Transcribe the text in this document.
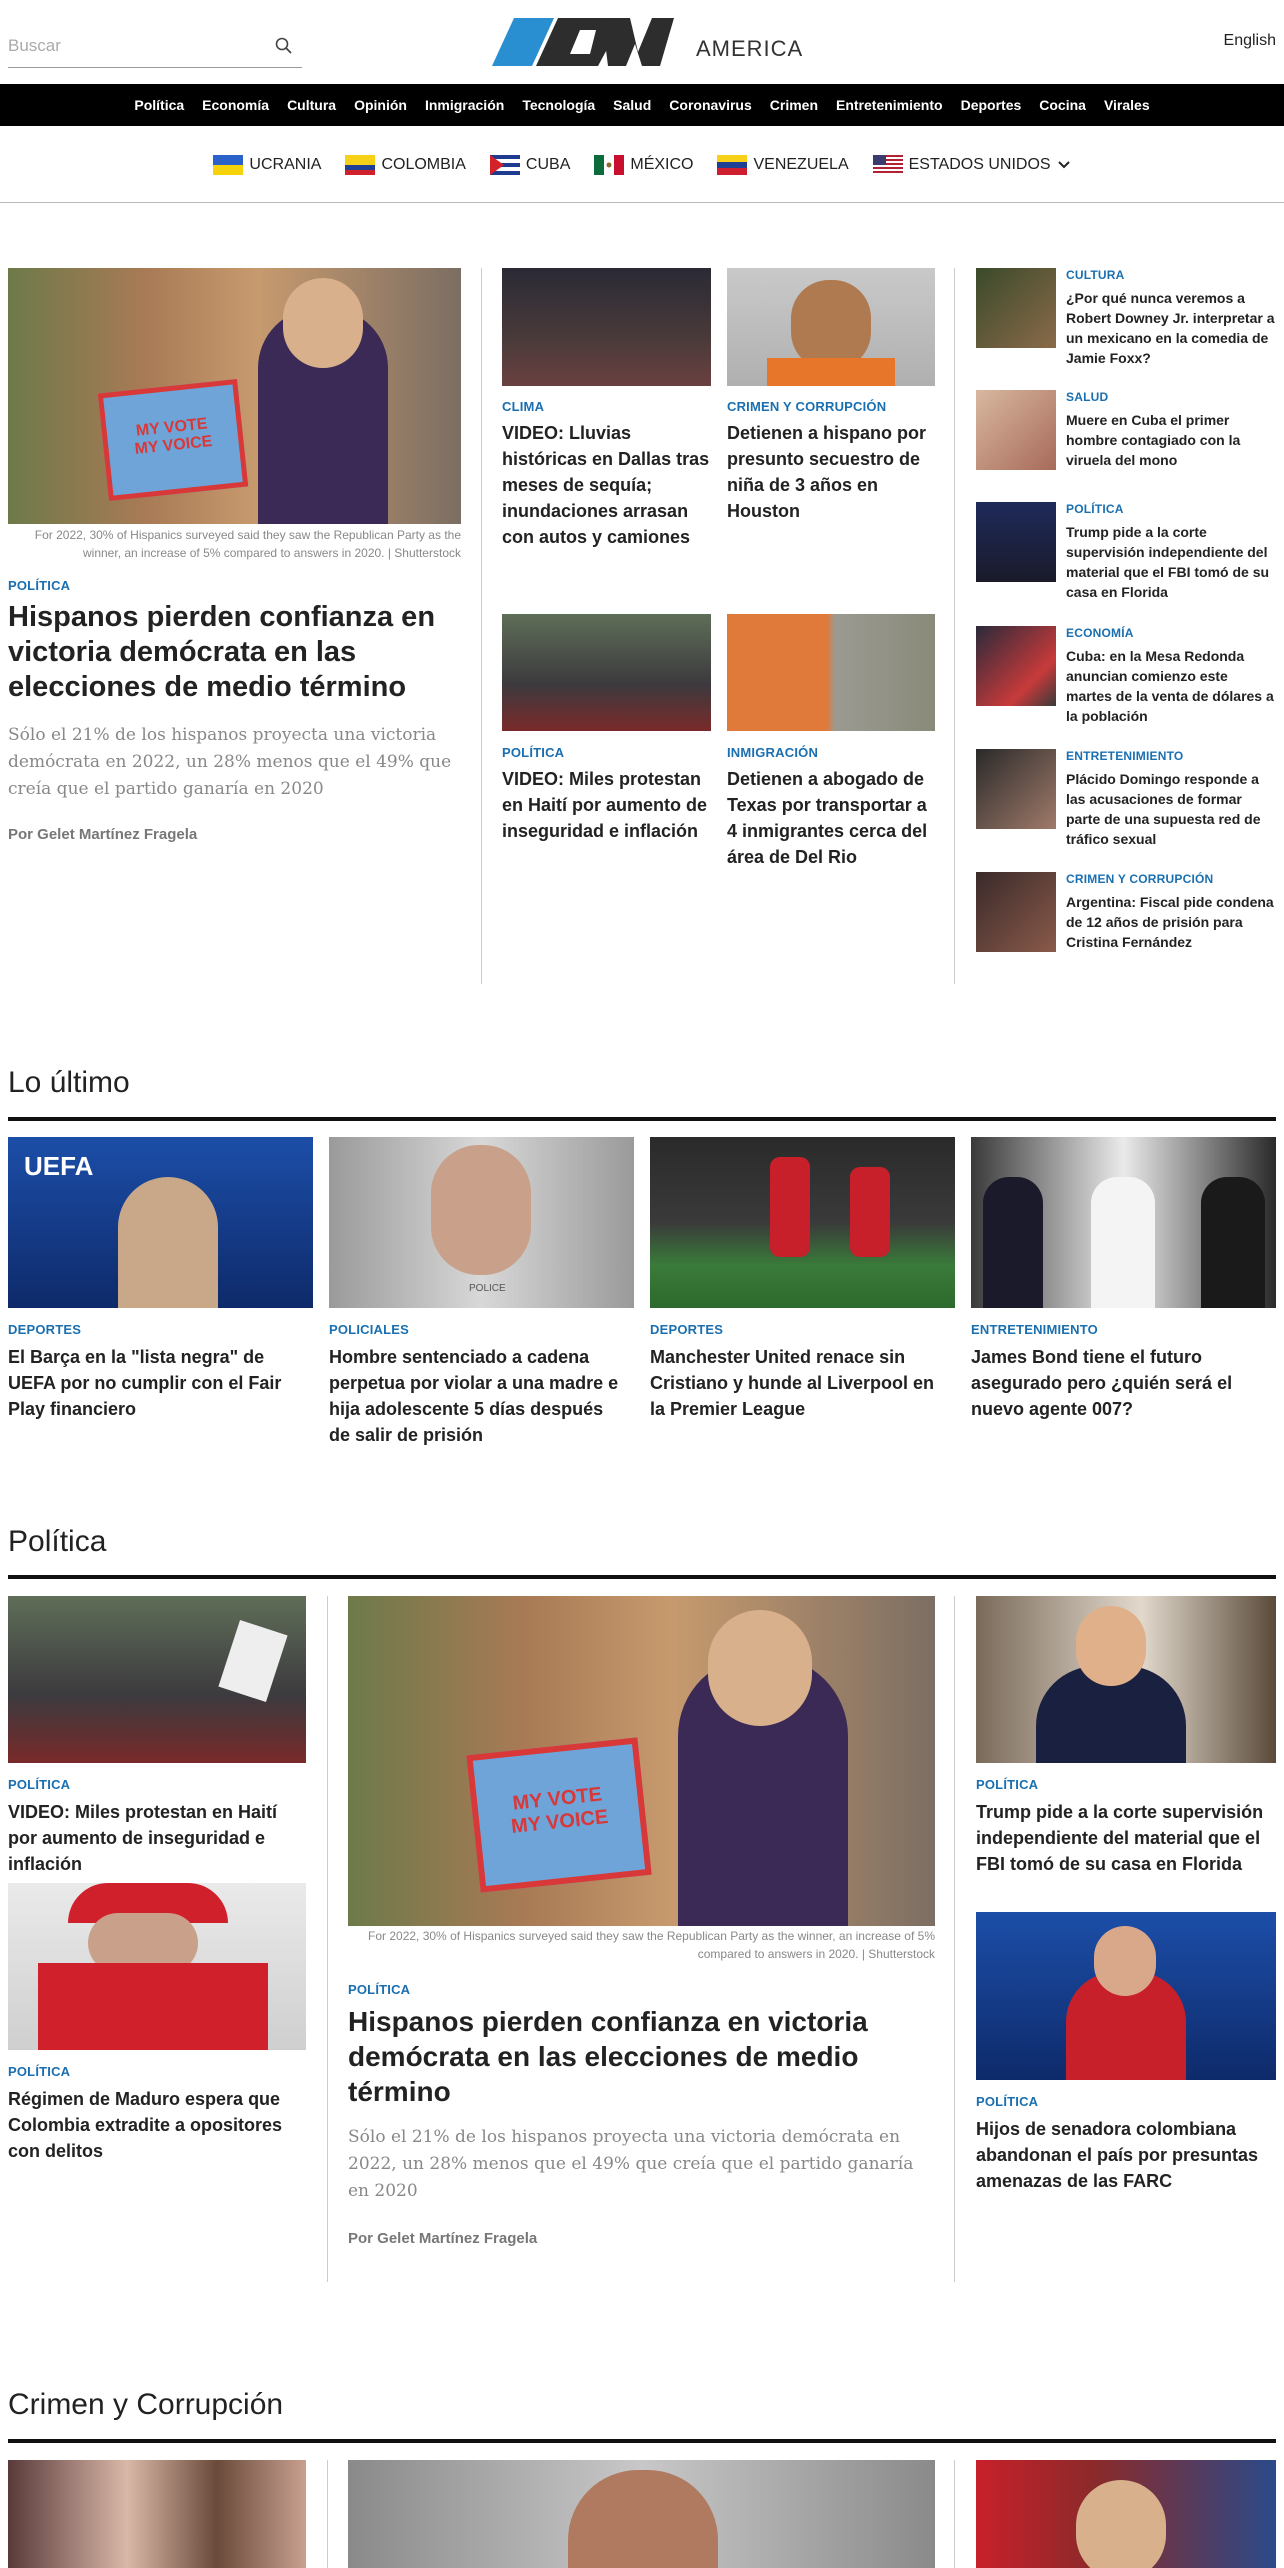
Buscar
AMERICA	English
Política	Economía	Cultura	Opinión	Inmigración	Tecnología	Salud	Coronavirus	Crimen	Entretenimiento	Deportes	Cocina	Virales
UCRANIA	COLOMBIA	CUBA	MÉXICO	VENEZUELA	ESTADOS UNIDOS
MY VOTE
MY VOICE
For 2022, 30% of Hispanics surveyed said they saw the Republican Party as the winner, an increase of 5% compared to answers in 2020. | Shutterstock
POLÍTICA
Hispanos pierden confianza en victoria demócrata en las elecciones de medio término
Sólo el 21% de los hispanos proyecta una victoria demócrata en 2022, un 28% menos que el 49% que creía que el partido ganaría en 2020
Por Gelet Martínez Fragela
CLIMA
VIDEO: Lluvias históricas en Dallas tras meses de sequía; inundaciones arrasan con autos y camiones
CRIMEN Y CORRUPCIÓN
Detienen a hispano por presunto secuestro de niña de 3 años en Houston
POLÍTICA
VIDEO: Miles protestan en Haití por aumento de inseguridad e inflación
INMIGRACIÓN
Detienen a abogado de Texas por transportar a 4 inmigrantes cerca del área de Del Rio
CULTURA
¿Por qué nunca veremos a Robert Downey Jr. interpretar a un mexicano en la comedia de Jamie Foxx?
SALUD
Muere en Cuba el primer hombre contagiado con la viruela del mono
POLÍTICA
Trump pide a la corte supervisión independiente del material que el FBI tomó de su casa en Florida
ECONOMÍA
Cuba: en la Mesa Redonda anuncian comienzo este martes de la venta de dólares a la población
ENTRETENIMIENTO
Plácido Domingo responde a las acusaciones de formar parte de una supuesta red de tráfico sexual
CRIMEN Y CORRUPCIÓN
Argentina: Fiscal pide condena de 12 años de prisión para Cristina Fernández
Lo último
UEFA
DEPORTES
El Barça en la "lista negra" de UEFA por no cumplir con el Fair Play financiero
POLICE
POLICIALES
Hombre sentenciado a cadena perpetua por violar a una madre e hija adolescente 5 días después de salir de prisión
DEPORTES
Manchester United renace sin Cristiano y hunde al Liverpool en la Premier League
ENTRETENIMIENTO
James Bond tiene el futuro asegurado pero ¿quién será el nuevo agente 007?
Política
POLÍTICA
VIDEO: Miles protestan en Haití por aumento de inseguridad e inflación
POLÍTICA
Régimen de Maduro espera que Colombia extradite a opositores con delitos
MY VOTE
MY VOICE
For 2022, 30% of Hispanics surveyed said they saw the Republican Party as the winner, an increase of 5% compared to answers in 2020. | Shutterstock
POLÍTICA
Hispanos pierden confianza en victoria demócrata en las elecciones de medio término
Sólo el 21% de los hispanos proyecta una victoria demócrata en 2022, un 28% menos que el 49% que creía que el partido ganaría en 2020
Por Gelet Martínez Fragela
POLÍTICA
Trump pide a la corte supervisión independiente del material que el FBI tomó de su casa en Florida
POLÍTICA
Hijos de senadora colombiana abandonan el país por presuntas amenazas de las FARC
Crimen y Corrupción
